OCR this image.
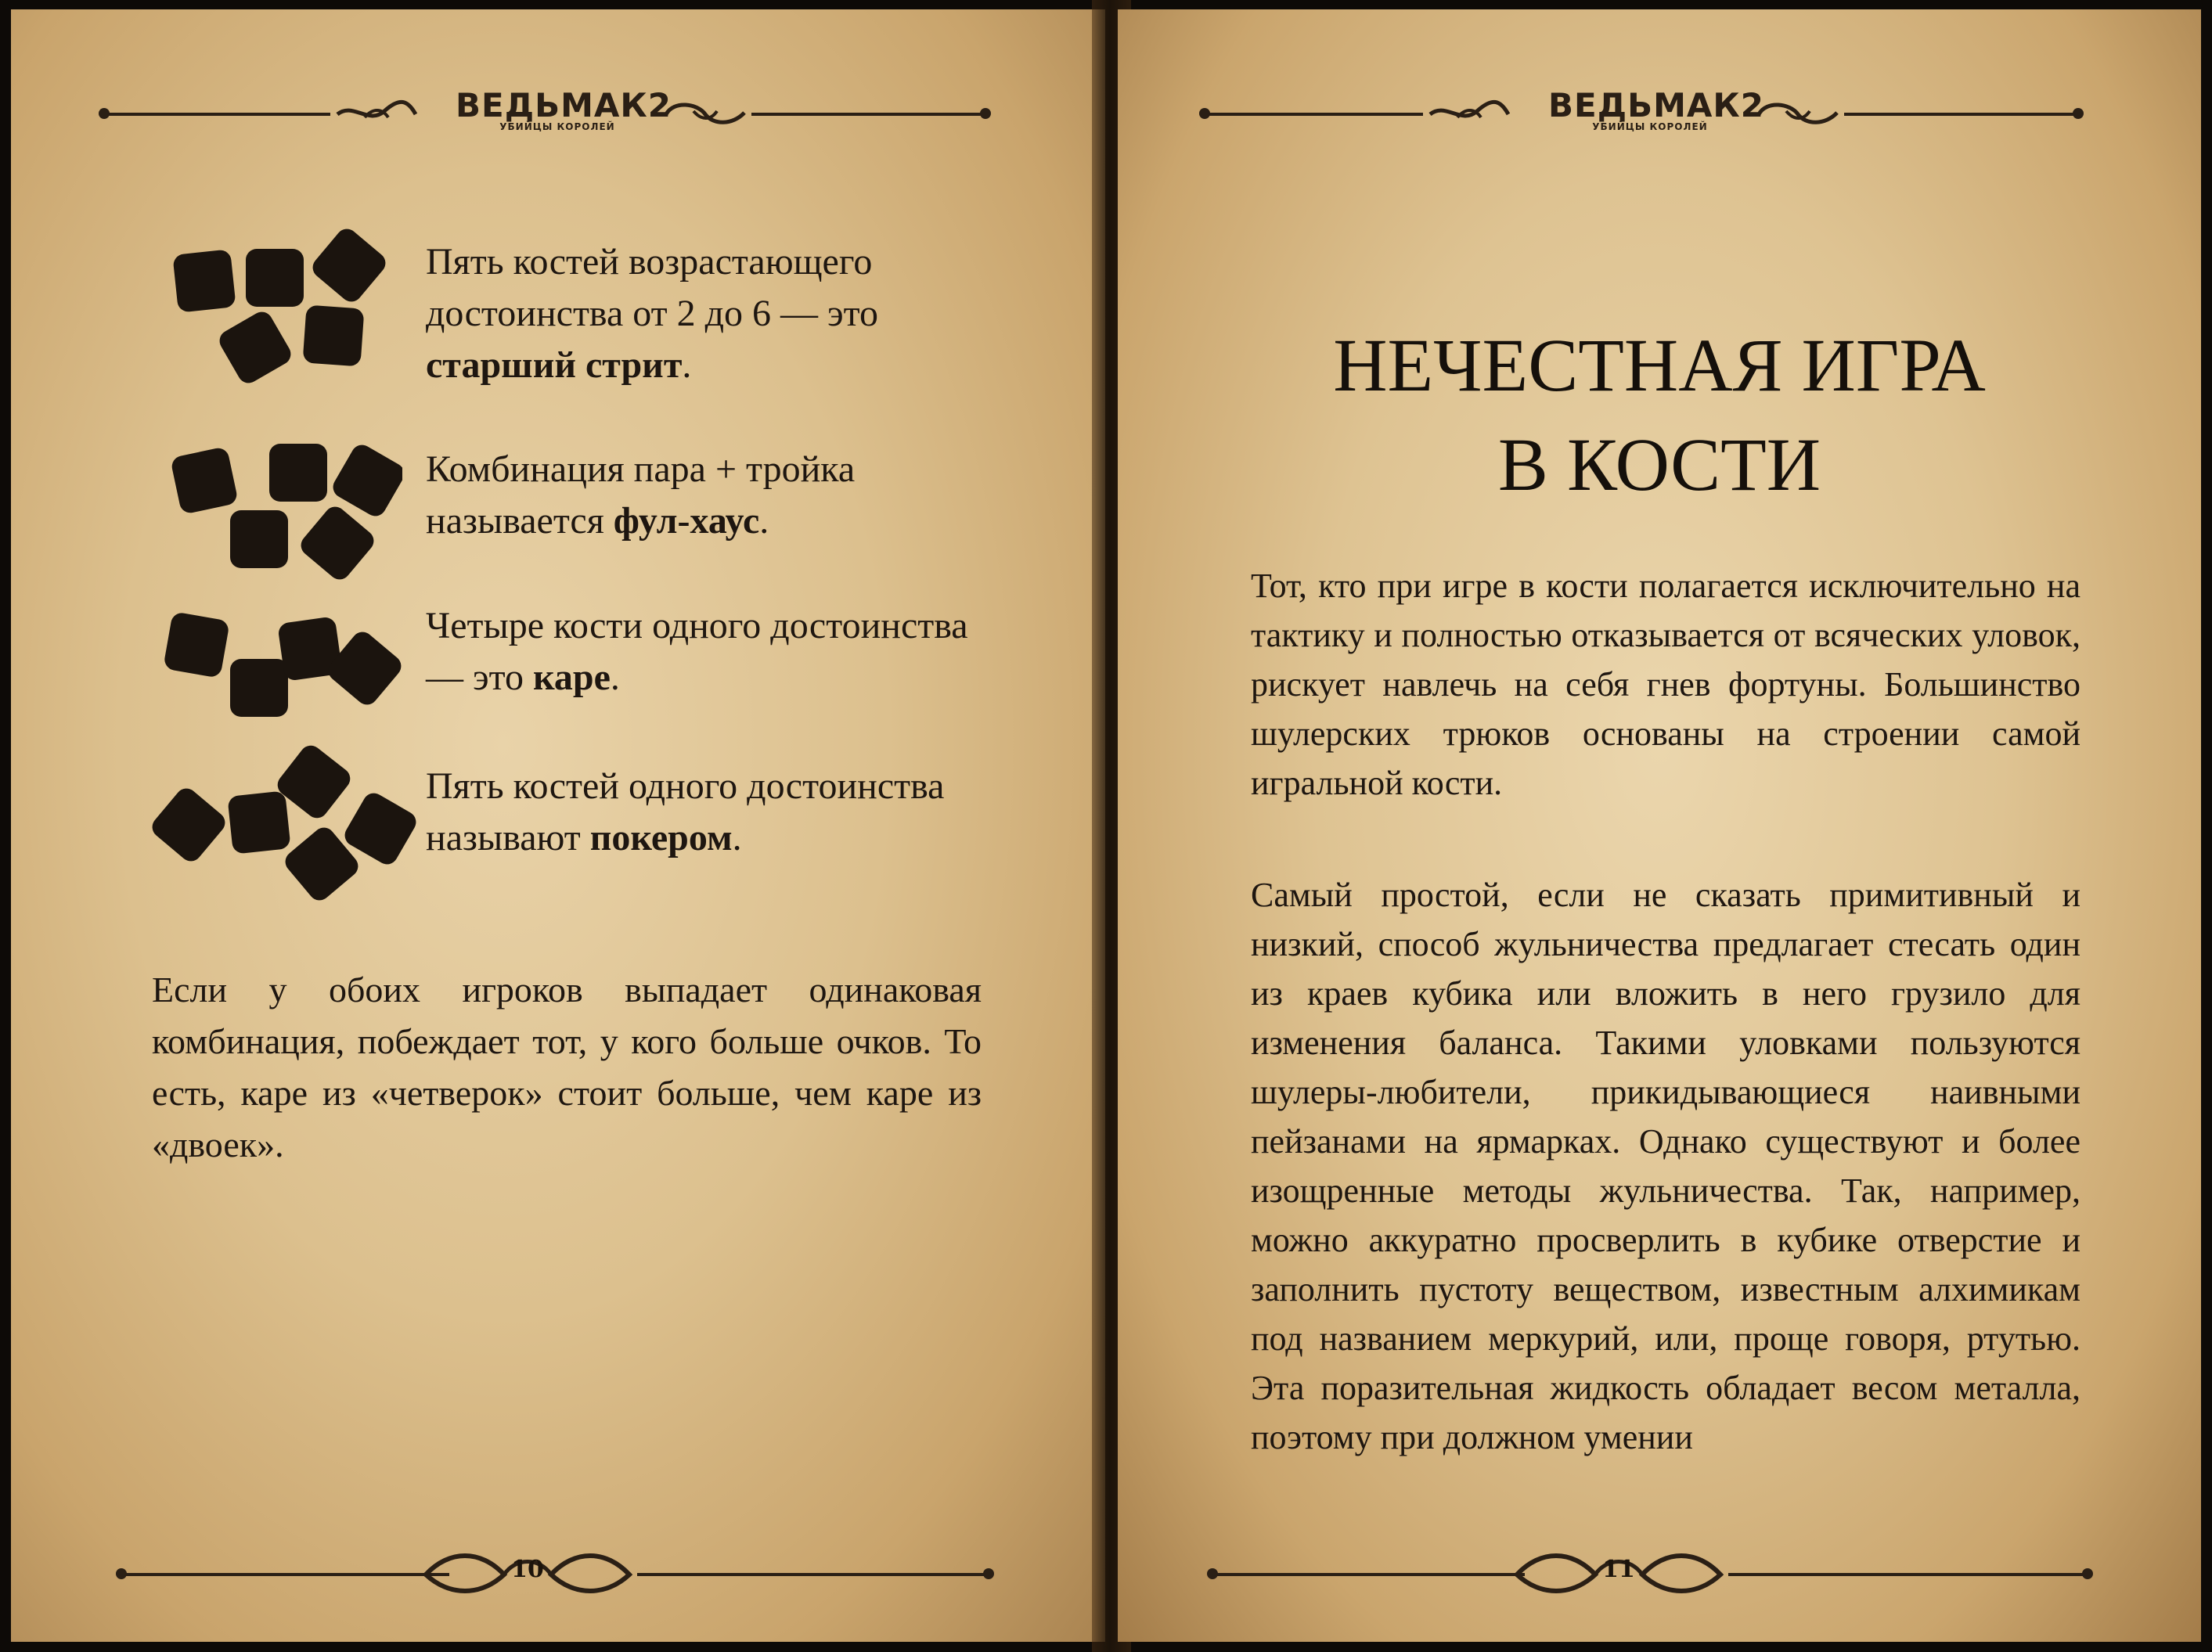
ВЕДЬМАК2
УБИЙЦЫ КОРОЛЕЙ
Пять костей возрастающего достоинства от 2 до 6 — это старший стрит.
Комбинация пара + тройка называется фул-хаус.
Четыре кости одного достоинства — это каре.
Пять костей одного достоинства называют покером.
Если у обоих игроков выпадает одинаковая комбинация, побеждает тот, у кого больше очков. То есть, каре из «четверок» стоит больше, чем каре из «двоек».
10
ВЕДЬМАК2
УБИЙЦЫ КОРОЛЕЙ
НЕЧЕСТНАЯ ИГРА
В КОСТИ
Тот, кто при игре в кости полагается исключительно на тактику и полностью отказывается от всяческих уловок, рискует навлечь на себя гнев фортуны. Большинство шулерских трюков основаны на строении самой игральной кости.
Самый простой, если не сказать примитивный и низкий, способ жульничества предлагает стесать один из краев кубика или вложить в него грузило для изменения баланса. Такими уловками пользуются шулеры-любители, прикидывающиеся наивными пейзанами на ярмарках. Однако существуют и более изощренные методы жульничества. Так, например, можно аккуратно просверлить в кубике отверстие и заполнить пустоту веществом, известным алхимикам под названием меркурий, или, проще говоря, ртутью. Эта поразительная жидкость обладает весом металла, поэтому при должном умении
11
